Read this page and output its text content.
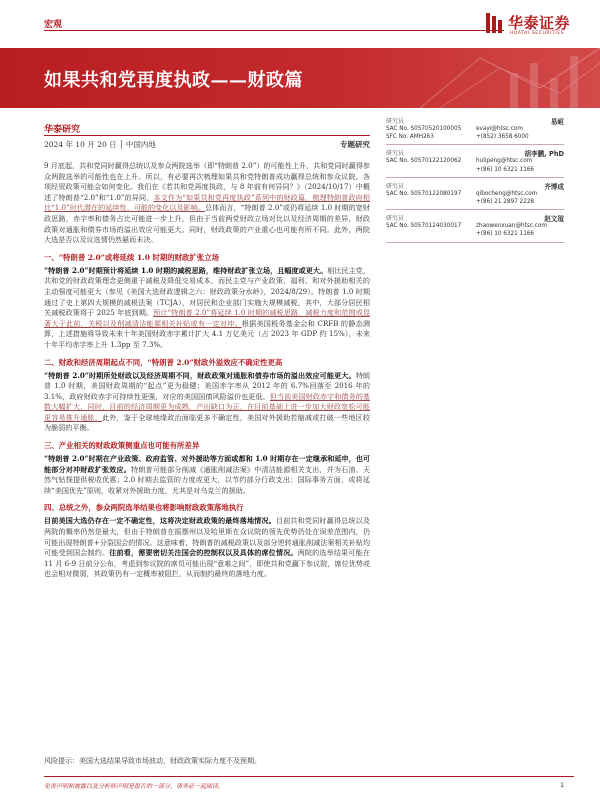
宏观	华泰证券
HUATAI SECURITIES
如果共和党再度执政——财政篇
华泰研究
2024 年 10 月 20 日 │ 中国内地	专题研究

9 月底起，共和党同时赢得总统以及参众两院选举（即“特朗普 2.0”）的可能性上升，共和党同时赢得参众两院选举的可能性也在上升。所以，有必要再次梳理如果共和党特朗普成功赢得总统和参众议院，各项经贸政策可能会如何变化。我们在《若共和党再度执政，与 8 年前有何异同？》（2024/10/17）中概述了特朗普“2.0”和“1.0”的异同，本文作为“如果共和党再度执政”系列中的财政篇，梳理特朗普政府相比“1.0”时代潜在的延续性、可能的变化以及影响。总体而言，“特朗普 2.0”或仍将延续 1.0 时期的宽财政思路，赤字率和债务占比可能进一步上升，但由于当前两党财政立场对比以及经济周期的差异，财政政策对通胀和债券市场的溢出效应可能更大。同时，财政政策的产业重心也可能有所不同。此外，两院大选是否以及议选情仍然悬而未决。

一、“特朗普 2.0”或将延续 1.0 时期的财政扩张立场

“特朗普 2.0”时期预计将延续 1.0 时期的减税思路，维持财政扩张立场，且幅度或更大。相比民主党，共和党的财政政策理念更侧重于减税及降低交易成本，而民主党与产业政策、福利、和对外援助相关的主动强度可能更大（参见《美国大选财政逻辑之六：财政政策分水岭》，2024/8/29）。特朗普 1.0 时期通过了史上第四大规模的减税法案（TCJA），对居民和企业部门实施大规模减税，其中，大部分居民相关减税政策将于 2025 年底到期。预计“特朗普 2.0”将延续 1.0 时期的减税思路，减税力度和范围或显著大于此前，关税以及削减清洁能源相关补贴或有一定对冲。根据美国税务基金会和 CRFB 的静态测算，上述措施将导致未来十年美国财政赤字累计扩大 4.1 万亿美元（占 2023 年 GDP 约 15%），未来十年平均赤字率上升 1.3pp 至 7.3%。

二、财政和经济周期起点不同，“特朗普 2.0”财政外溢效应不确定性更高

“特朗普 2.0”时期所处财政以及经济周期不同，财政政策对通胀和债券市场的溢出效应可能更大。特朗普 1.0 时期，美国财政周期的“起点”更为稳健；美国赤字率从 2012 年的 6.7%回落至 2016 年的 3.1%，政府财政赤字可持续性更强，对应的美国国债风险溢价也更低。但当前美国财政赤字和债务的基数大幅扩大，同时，目前的经济周期更为成熟，产出缺口为正，在目前基础上进一步加大财政宽松可能更容易推升通胀。此外，鉴于全球地缘政治面临更多不确定性，美国对外援助若缩减或打破一些地区较为脆弱的平衡。

三、产业相关的财政政策侧重点也可能有所差异

“特朗普 2.0”时期在产业政策、政府监管、对外援助等方面或都和 1.0 时期存在一定继承和延申，也可能部分对冲财政扩张效应。特朗普可能部分削减《通胀削减法案》中清洁能源相关支出，并为石油、天然气钻探提供税收优惠；2.0 时期去监管的力度或更大，以节约部分行政支出；国际事务方面，或将延续“美国优先”原则，收紧对外援助力度，尤其是对乌克兰的援助。

四、总统之外，参众两院选举结果也将影响财政政策落地执行

目前美国大选仍存在一定不确定性，这将决定财政政策的最终落地情况。目前共和党同时赢得总统以及两院的概率仍然是最大，但由于特朗普在摇摆州以及哈里斯在众议院的领先优势仍处在误差范围内，仍可能出现特朗普+分裂国会的情况。这意味着，特朗普的减税政策以及部分逆转通胀削减法案相关补贴均可能受到国会制约。往前看，需要密切关注国会的控制权以及具体的席位情况。两院的选举结果可能在 11 月 6-9 日前分公布，考虑到参议院的席员可能出现“意难之间”，即使共和党赢下参议院，席位优势或也会相对微弱，其政策仍有一定概率被阻拦，从而制约最终的落地力度。

研究员	易峘
SAC No. S0570520100005	evayi@htsc.com
SFC No. AMH263	+(852) 3658 6000
研究员	胡李鹏, PhD
SAC No. S0570122120062	hulipeng@htsc.com
+(86) 10 6321 1166
研究员	齐博成
SAC No. S0570122080197	qibocheng@htsc.com
+(86) 21 2897 2228
研究员	赵文瑄
SAC No. S0570124030017	zhaowenxuan@htsc.com
+(86) 10 6321 1166
风险提示：美国大选结果导致市场波动，财政政策实际力度不及预期。
免责声明和披露以及分析师声明是报告的一部分，请务必一起阅读。	1
